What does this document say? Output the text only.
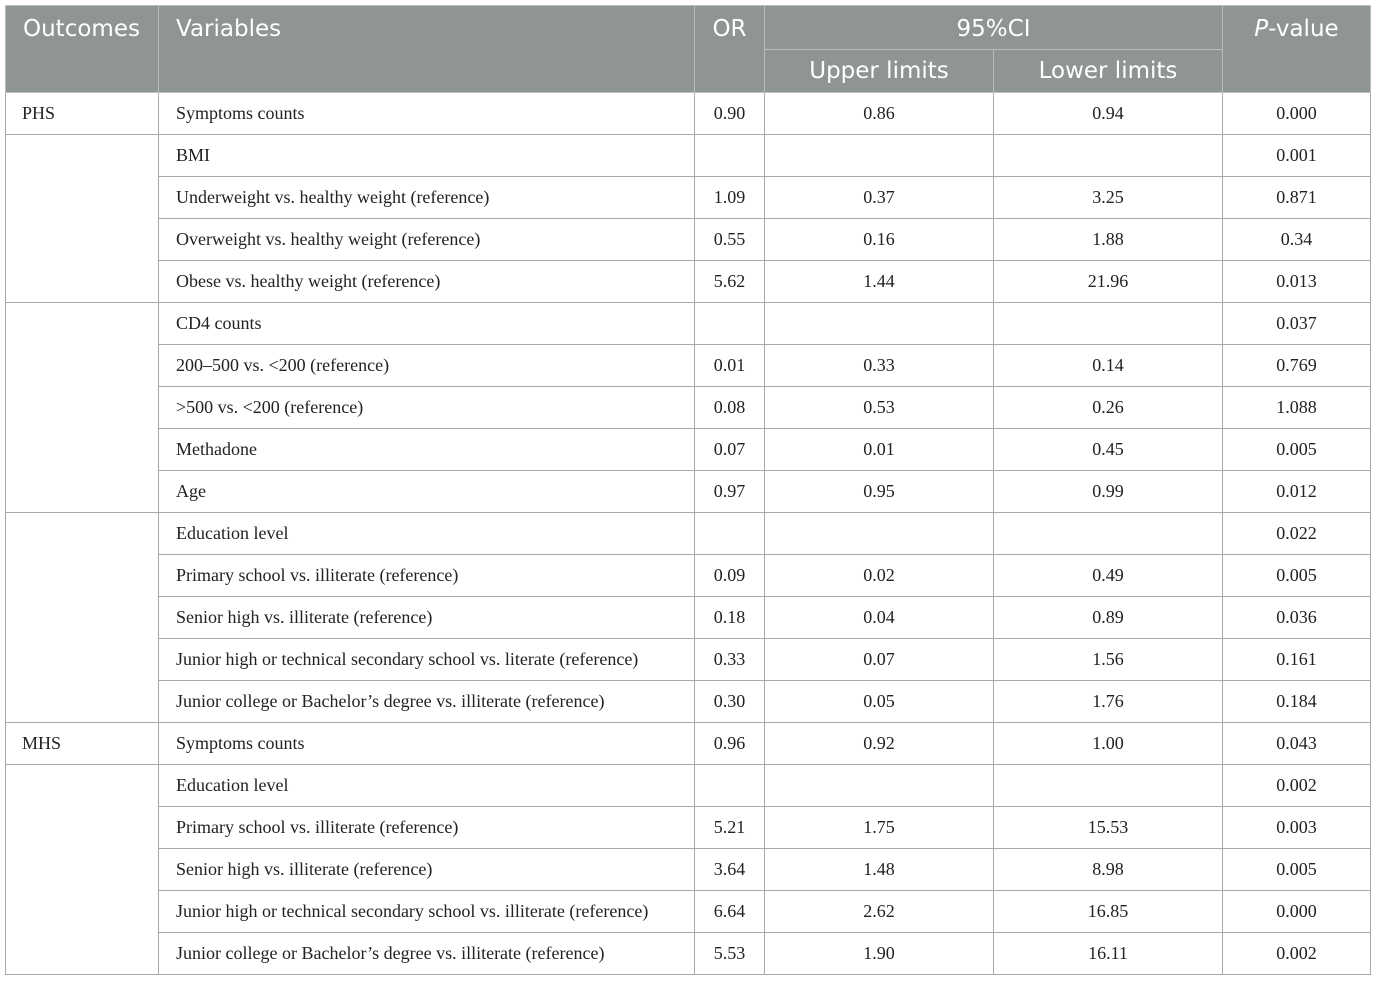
Outcomes	Variables	OR	95%CI		P-value
			Upper limits	Lower limits	
PHS	Symptoms counts	0.90	0.86	0.94	0.000
	BMI				0.001
	Underweight vs. healthy weight (reference)	1.09	0.37	3.25	0.871
	Overweight vs. healthy weight (reference)	0.55	0.16	1.88	0.34
	Obese vs. healthy weight (reference)	5.62	1.44	21.96	0.013
	CD4 counts				0.037
	200–500 vs. <200 (reference)	0.01	0.33	0.14	0.769
	>500 vs. <200 (reference)	0.08	0.53	0.26	1.088
	Methadone	0.07	0.01	0.45	0.005
	Age	0.97	0.95	0.99	0.012
	Education level				0.022
	Primary school vs. illiterate (reference)	0.09	0.02	0.49	0.005
	Senior high vs. illiterate (reference)	0.18	0.04	0.89	0.036
	Junior high or technical secondary school vs. literate (reference)	0.33	0.07	1.56	0.161
	Junior college or Bachelor’s degree vs. illiterate (reference)	0.30	0.05	1.76	0.184
MHS	Symptoms counts	0.96	0.92	1.00	0.043
	Education level				0.002
	Primary school vs. illiterate (reference)	5.21	1.75	15.53	0.003
	Senior high vs. illiterate (reference)	3.64	1.48	8.98	0.005
	Junior high or technical secondary school vs. illiterate (reference)	6.64	2.62	16.85	0.000
	Junior college or Bachelor’s degree vs. illiterate (reference)	5.53	1.90	16.11	0.002
